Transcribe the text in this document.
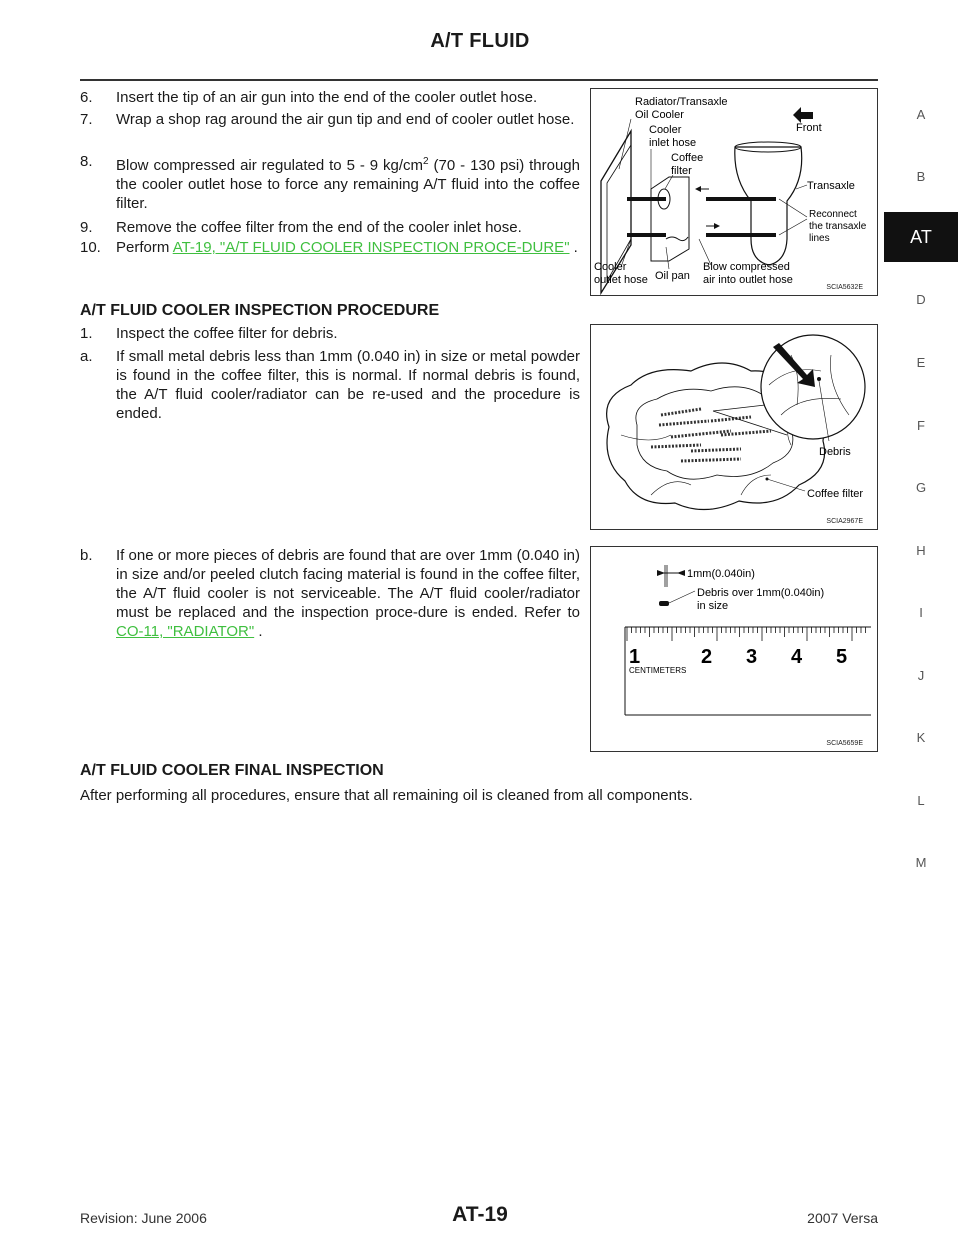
A/T FLUID
6. Insert the tip of an air gun into the end of the cooler outlet hose.
7. Wrap a shop rag around the air gun tip and end of cooler outlet hose.
8. Blow compressed air regulated to 5 - 9 $kg/cm^2$ (70 - 130 psi) through the cooler outlet hose to force any remaining A/T fluid into the coffee filter.
9. Remove the coffee filter from the end of the cooler inlet hose.
10. Perform AT-19, "A/T FLUID COOLER INSPECTION PROCE-DURE" .
Radiator/Transaxle
Oil Cooler
Cooler
inlet hose
Coffee
filter
Front
Transaxle
Reconnect
the transaxle
lines
Cooler
outlet hose Oil pan
Blow compressed
air into outlet hose
SCIA5632E
A/T FLUID COOLER INSPECTION PROCEDURE
1. Inspect the coffee filter for debris.
a. If small metal debris less than 1mm (0.040 in) in size or metal powder is found in the coffee filter, this is normal. If normal debris is found, the A/T fluid cooler/radiator can be re-used and the procedure is ended.
b. If one or more pieces of debris are found that are over 1mm (0.040 in) in size and/or peeled clutch facing material is found in the coffee filter, the A/T fluid cooler is not serviceable. The A/T fluid cooler/radiator must be replaced and the inspection proce-dure is ended. Refer to CO-11, "RADIATOR" .
Debris
Coffee filter
SCIA2967E
1mm(0.040in)
Debris over 1mm(0.040in)
in size
CENTIMETERS
1	2 3 4 5
SCIA5659E
A/T FLUID COOLER FINAL INSPECTION
After performing all procedures, ensure that all remaining oil is cleaned from all components.
A
B
AT
D
E
F
G
H
I
J
K
L
M
Revision: June 2006	AT-19	2007 Versa
